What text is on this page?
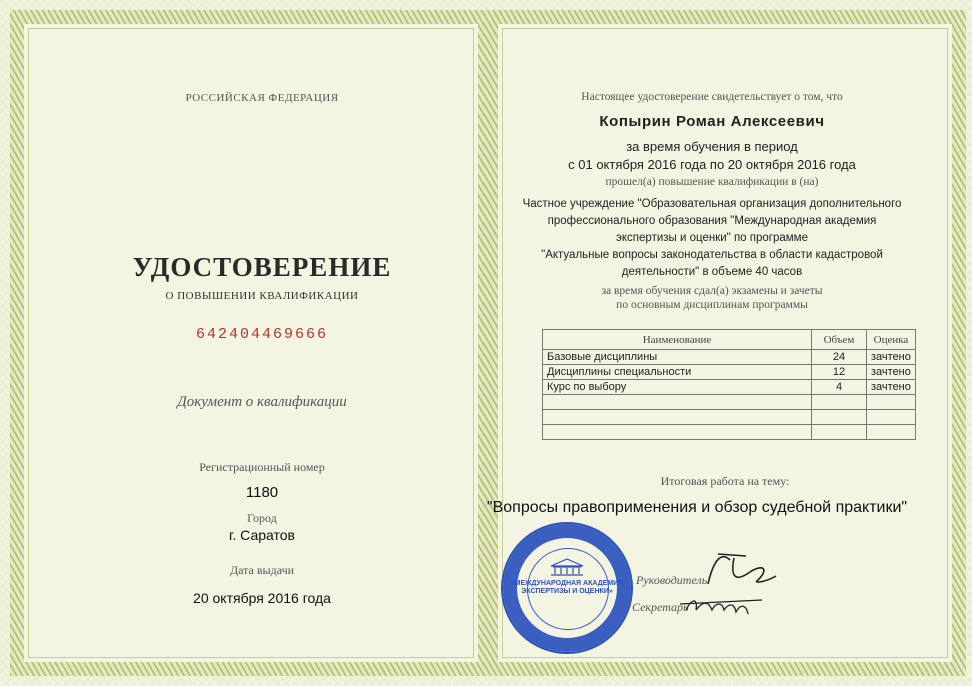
РОССИЙСКАЯ ФЕДЕРАЦИЯ
УДОСТОВЕРЕНИЕ
О ПОВЫШЕНИИ КВАЛИФИКАЦИИ
642404469666
Документ о квалификации
Регистрационный номер
1180
Город
г. Саратов
Дата выдачи
20 октября 2016 года
Настоящее удостоверение свидетельствует о том, что
Копырин Роман Алексеевич
за время обучения в период
с 01 октября 2016 года по 20 октября 2016 года
прошел(а) повышение квалификации в (на)
Частное учреждение "Образовательная организация дополнительного
профессионального образования "Международная академия
экспертизы и оценки" по программе
"Актуальные вопросы законодательства в области кадастровой
деятельности" в объеме 40 часов
за время обучения сдал(а) экзамены и зачеты
по основным дисциплинам программы
Наименование	Объем	Оценка
Базовые дисциплины	24	зачтено
Дисциплины специальности	12	зачтено
Курс по выбору	4	зачтено

Итоговая работа на тему:
"Вопросы правоприменения и обзор судебной практики"
Руководитель
Секретарь
«МЕЖДУНАРОДНАЯ АКАДЕМИЯ ЭКСПЕРТИЗЫ И ОЦЕНКИ»
